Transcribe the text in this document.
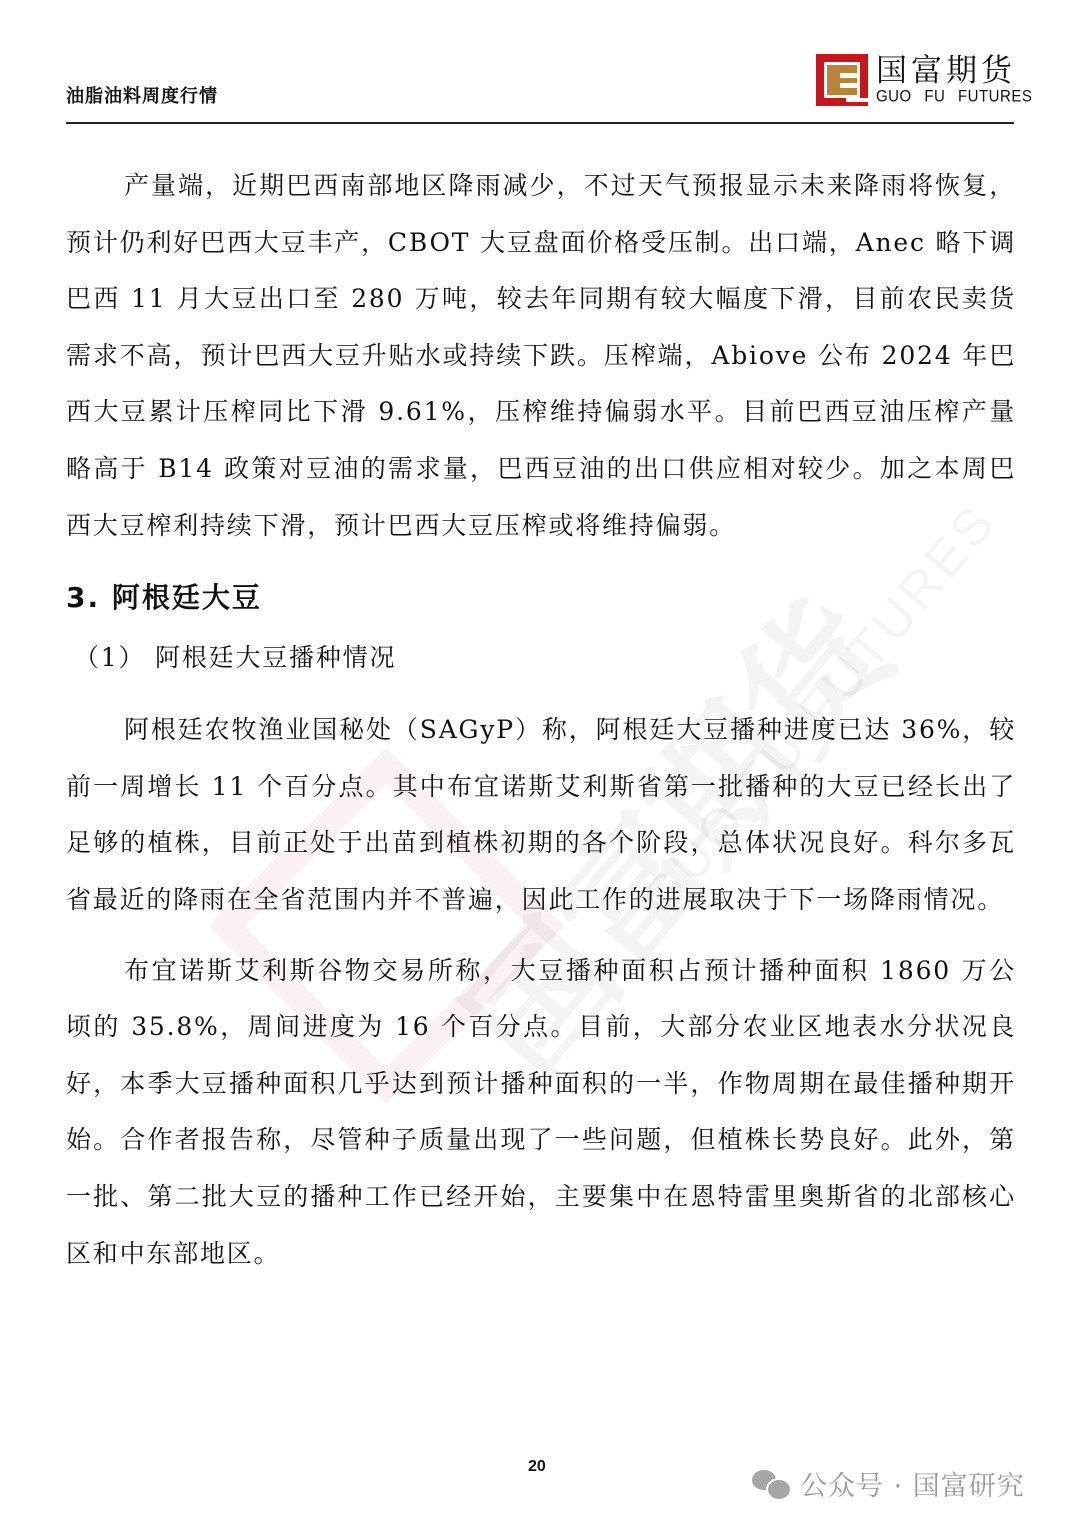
油脂油料周度行情
国富期货
GUO FU FUTURES

产量端，近期巴西南部地区降雨减少，不过天气预报显示未来降雨将恢复，预计仍利好巴西大豆丰产，CBOT 大豆盘面价格受压制。出口端，Anec 略下调巴西 11 月大豆出口至 280 万吨，较去年同期有较大幅度下滑，目前农民卖货需求不高，预计巴西大豆升贴水或持续下跌。压榨端，Abiove 公布 2024 年巴西大豆累计压榨同比下滑 9.61%，压榨维持偏弱水平。目前巴西豆油压榨产量略高于 B14 政策对豆油的需求量，巴西豆油的出口供应相对较少。加之本周巴西大豆榨利持续下滑，预计巴西大豆压榨或将维持偏弱。

3. 阿根廷大豆
（1） 阿根廷大豆播种情况

阿根廷农牧渔业国秘处（SAGyP）称，阿根廷大豆播种进度已达 36%，较前一周增长 11 个百分点。其中布宜诺斯艾利斯省第一批播种的大豆已经长出了足够的植株，目前正处于出苗到植株初期的各个阶段，总体状况良好。科尔多瓦省最近的降雨在全省范围内并不普遍，因此工作的进展取决于下一场降雨情况。

布宜诺斯艾利斯谷物交易所称，大豆播种面积占预计播种面积 1860 万公顷的 35.8%，周间进度为 16 个百分点。目前，大部分农业区地表水分状况良好，本季大豆播种面积几乎达到预计播种面积的一半，作物周期在最佳播种期开始。合作者报告称，尽管种子质量出现了一些问题，但植株长势良好。此外，第一批、第二批大豆的播种工作已经开始，主要集中在恩特雷里奥斯省的北部核心区和中东部地区。

20
公众号 · 国富研究
